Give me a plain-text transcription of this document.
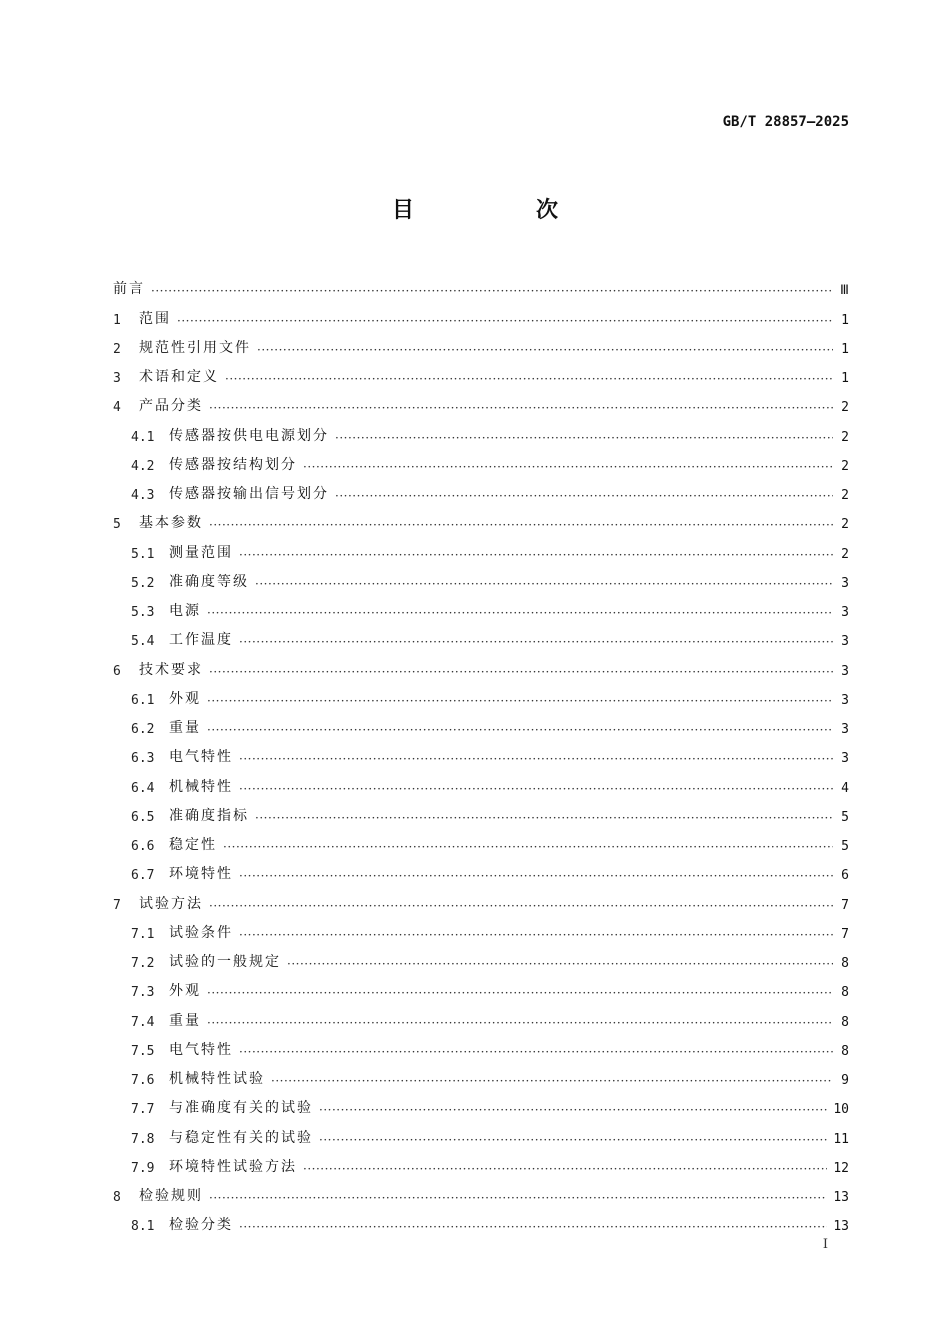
GB/T 28857—2025
目　次
前言 ·····	Ⅲ
1	范围 ·····	1
2	规范性引用文件 ·····	1
3	术语和定义 ·····	1
4	产品分类 ·····	2
4.1	传感器按供电电源划分 ·····	2
4.2	传感器按结构划分 ·····	2
4.3	传感器按输出信号划分 ·····	2
5	基本参数 ·····	2
5.1	测量范围 ·····	2
5.2	准确度等级 ·····	3
5.3	电源 ·····	3
5.4	工作温度 ·····	3
6	技术要求 ·····	3
6.1	外观 ·····	3
6.2	重量 ·····	3
6.3	电气特性 ·····	3
6.4	机械特性 ·····	4
6.5	准确度指标 ·····	5
6.6	稳定性 ·····	5
6.7	环境特性 ·····	6
7	试验方法 ·····	7
7.1	试验条件 ·····	7
7.2	试验的一般规定 ·····	8
7.3	外观 ·····	8
7.4	重量 ·····	8
7.5	电气特性 ·····	8
7.6	机械特性试验 ·····	9
7.7	与准确度有关的试验 ·····	10
7.8	与稳定性有关的试验 ·····	11
7.9	环境特性试验方法 ·····	12
8	检验规则 ·····	13
8.1	检验分类 ·····	13
I
